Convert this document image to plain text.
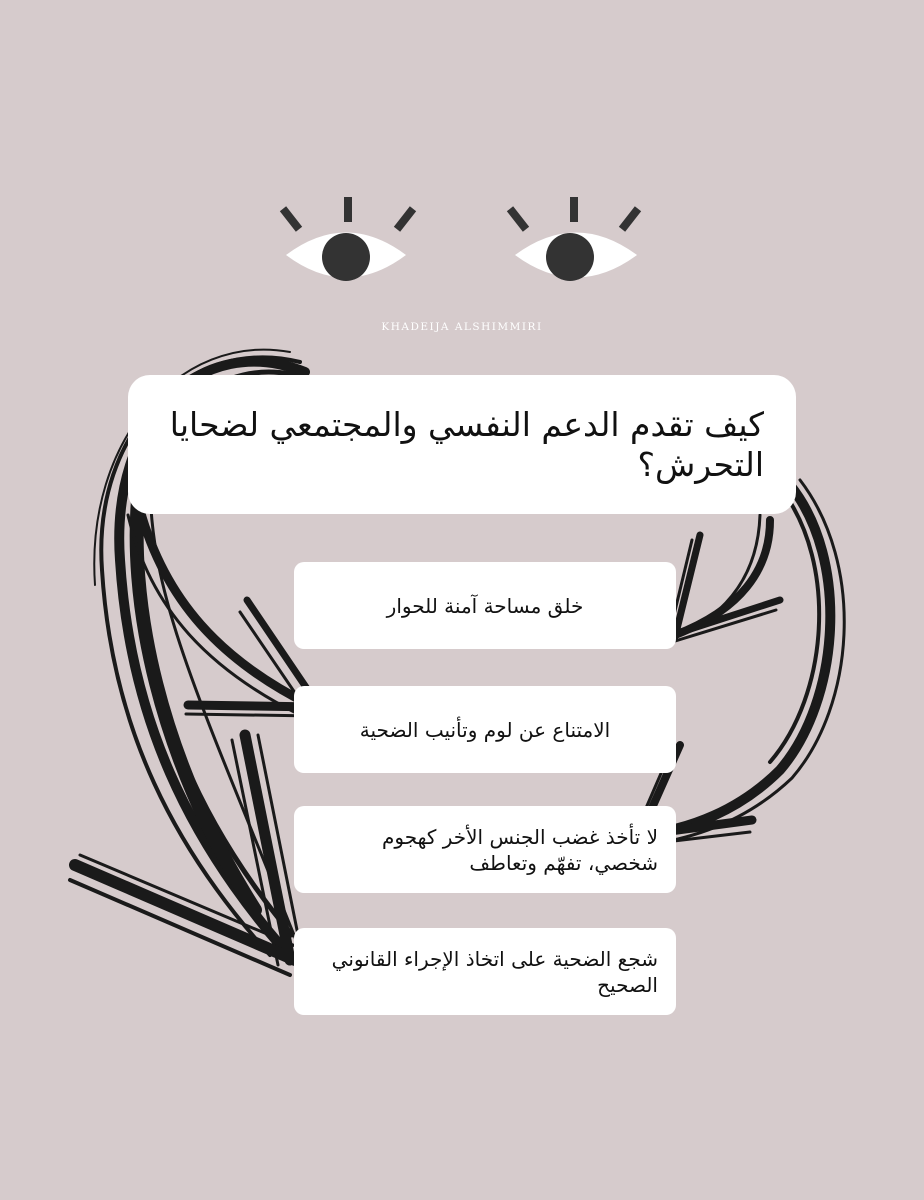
KHADEIJA ALSHIMMIRI
كيف تقدم الدعم النفسي والمجتمعي لضحايا التحرش؟
خلق مساحة آمنة للحوار
الامتناع عن لوم وتأنيب الضحية
لا تأخذ غضب الجنس الأخر كهجوم شخصي، تفهّم وتعاطف
شجع الضحية على اتخاذ الإجراء القانوني الصحيح
